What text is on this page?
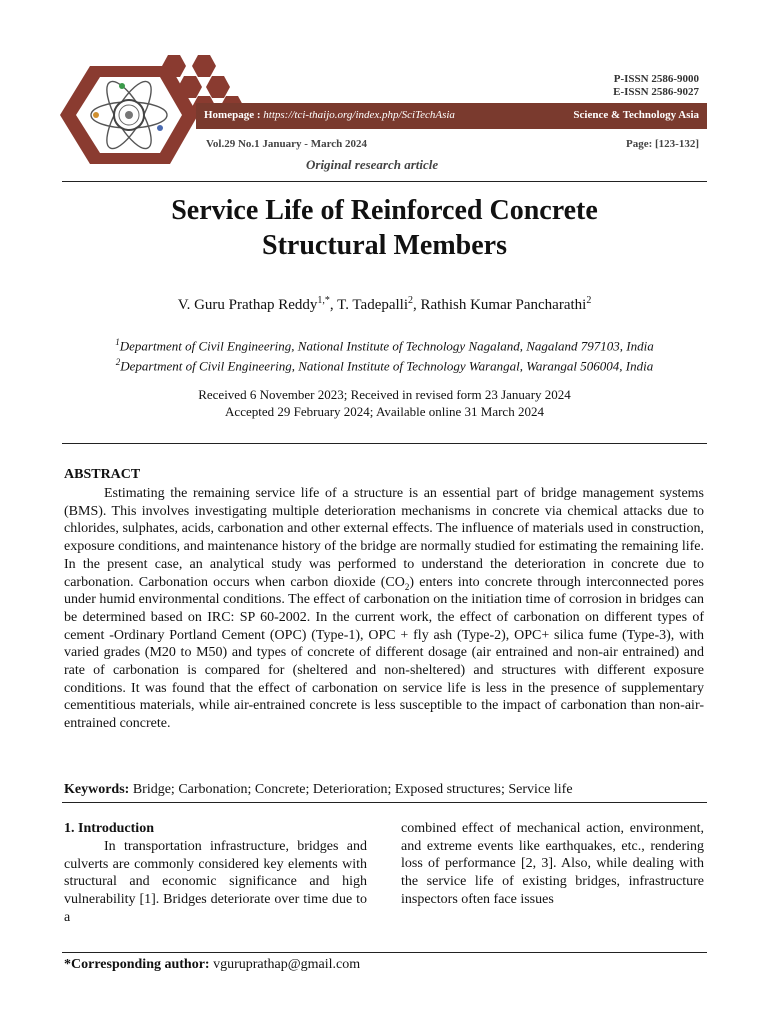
P-ISSN 2586-9000
E-ISSN 2586-9027
Homepage : https://tci-thaijo.org/index.php/SciTechAsia	Science & Technology Asia
Vol.29 No.1 January - March 2024	Page: [123-132]
Original research article
Service Life of Reinforced Concrete
Structural Members
V. Guru Prathap Reddy$^{1,*}$, T. Tadepalli$^2$, Rathish Kumar Pancharathi$^2$
$^1$Department of Civil Engineering, National Institute of Technology Nagaland, Nagaland 797103, India
$^2$Department of Civil Engineering, National Institute of Technology Warangal, Warangal 506004, India
Received 6 November 2023; Received in revised form 23 January 2024
Accepted 29 February 2024; Available online 31 March 2024
ABSTRACT

Estimating the remaining service life of a structure is an essential part of bridge management systems (BMS). This involves investigating multiple deterioration mechanisms in concrete via chemical attacks due to chlorides, sulphates, acids, carbonation and other external effects. The influence of materials used in construction, exposure conditions, and maintenance history of the bridge are normally studied for estimating the remaining life. In the present case, an analytical study was performed to understand the deterioration in concrete due to carbonation. Carbonation occurs when carbon dioxide $(CO_2)$ enters into concrete through interconnected pores under humid environmental conditions. The effect of carbonation on the initiation time of corrosion in bridges can be determined based on IRC: SP 60-2002. In the current work, the effect of carbonation on different types of cement -Ordinary Portland Cement (OPC) (Type-1), OPC + fly ash (Type-2), OPC+ silica fume (Type-3), with varied grades (M20 to M50) and types of concrete of different dosage (air entrained and non-air entrained) and rate of carbonation is compared for (sheltered and non-sheltered) and structures with different exposure conditions. It was found that the effect of carbonation on service life is less in the presence of supplementary cementitious materials, while air-entrained concrete is less susceptible to the impact of carbonation than non-air-entrained concrete.

Keywords: Bridge; Carbonation; Concrete; Deterioration; Exposed structures; Service life
1. Introduction

In transportation infrastructure, bridges and culverts are commonly considered key elements with structural and economic significance and high vulnerability [1]. Bridges deteriorate over time due to a

combined effect of mechanical action, environment, and extreme events like earthquakes, etc., rendering loss of performance [2, 3]. Also, while dealing with the service life of existing bridges, infrastructure inspectors often face issues

*Corresponding author: vguruprathap@gmail.com
